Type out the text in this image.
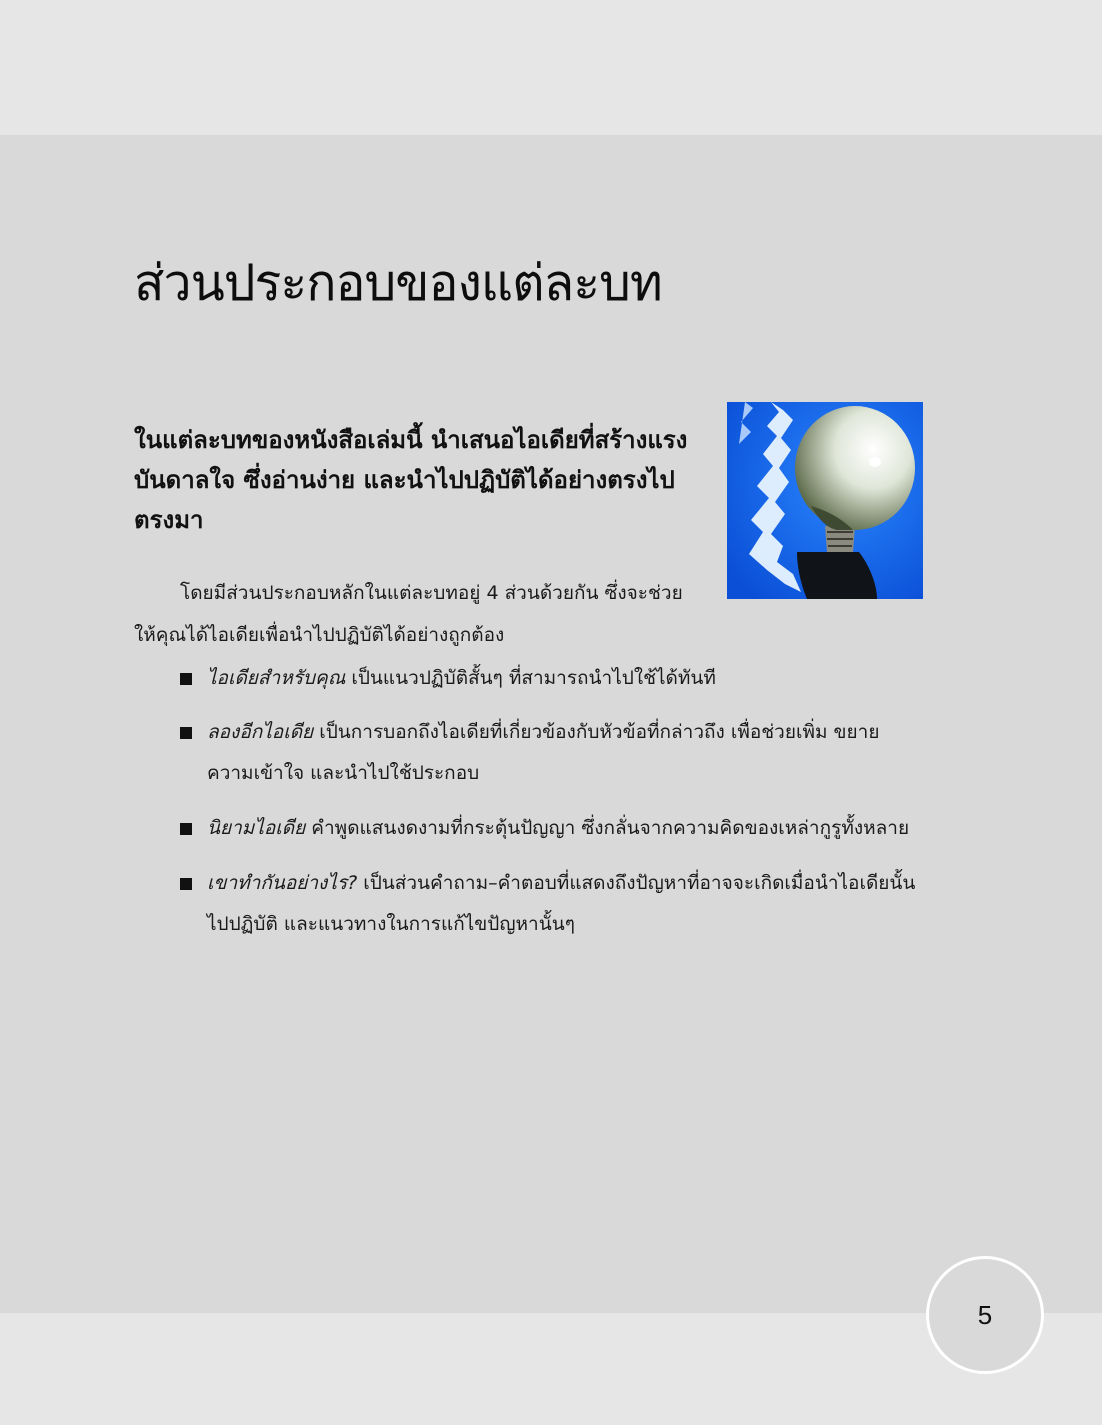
ส่วนประกอบของแต่ละบท

ในแต่ละบทของหนังสือเล่มนี้ นำเสนอไอเดียที่สร้างแรงบันดาลใจ ซึ่งอ่านง่าย และนำไปปฏิบัติได้อย่างตรงไปตรงมา

โดยมีส่วนประกอบหลักในแต่ละบทอยู่ 4 ส่วนด้วยกัน ซึ่งจะช่วยให้คุณได้ไอเดียเพื่อนำไปปฏิบัติได้อย่างถูกต้อง

ไอเดียสำหรับคุณ เป็นแนวปฏิบัติสั้นๆ ที่สามารถนำไปใช้ได้ทันที
ลองอีกไอเดีย เป็นการบอกถึงไอเดียที่เกี่ยวข้องกับหัวข้อที่กล่าวถึง เพื่อช่วยเพิ่ม ขยายความเข้าใจ และนำไปใช้ประกอบ
นิยามไอเดีย คำพูดแสนงดงามที่กระตุ้นปัญญา ซึ่งกลั่นจากความคิดของเหล่ากูรูทั้งหลาย
เขาทำกันอย่างไร? เป็นส่วนคำถาม–คำตอบที่แสดงถึงปัญหาที่อาจจะเกิดเมื่อนำไอเดียนั้นไปปฏิบัติ และแนวทางในการแก้ไขปัญหานั้นๆ
5
